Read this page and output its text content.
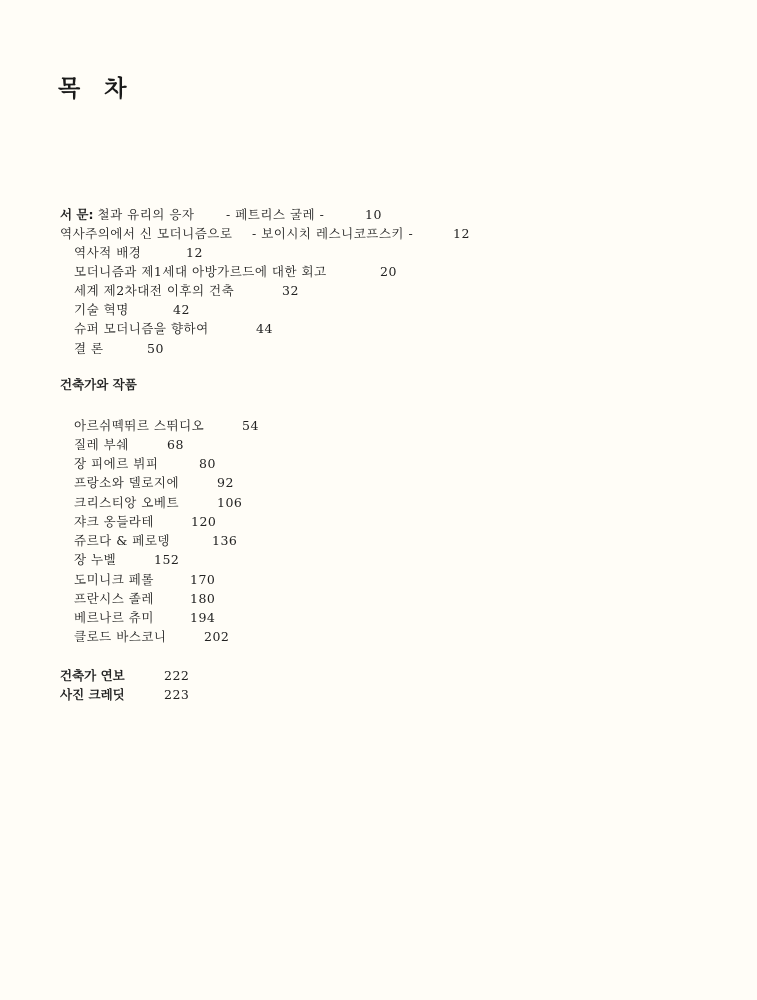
목 차
서 문: 철과 유리의 응자	- 페트리스 굴레 -	10
역사주의에서 신 모더니즘으로 - 보이시치 레스니코프스키 -	12
역사적 배경	12
모더니즘과 제1세대 아방가르드에 대한 회고	20
세계 제2차대전 이후의 건축	32
기술 혁명	42
슈퍼 모더니즘을 향하여	44
결 론	50
건축가와 작품
아르쉬떽뛰르 스뛰디오	54
질레 부쉐	68
장 피에르 뷔피	80
프랑소와 델로지에	92
크리스티앙 오베트	106
쟈크 옹들라테	120
쥬르다 & 페로뎅	136
장 누벨	152
도미니크 페롤	170
프란시스 졸레	180
베르나르 츄미	194
클로드 바스코니	202
건축가 연보	222
사진 크레딧	223
